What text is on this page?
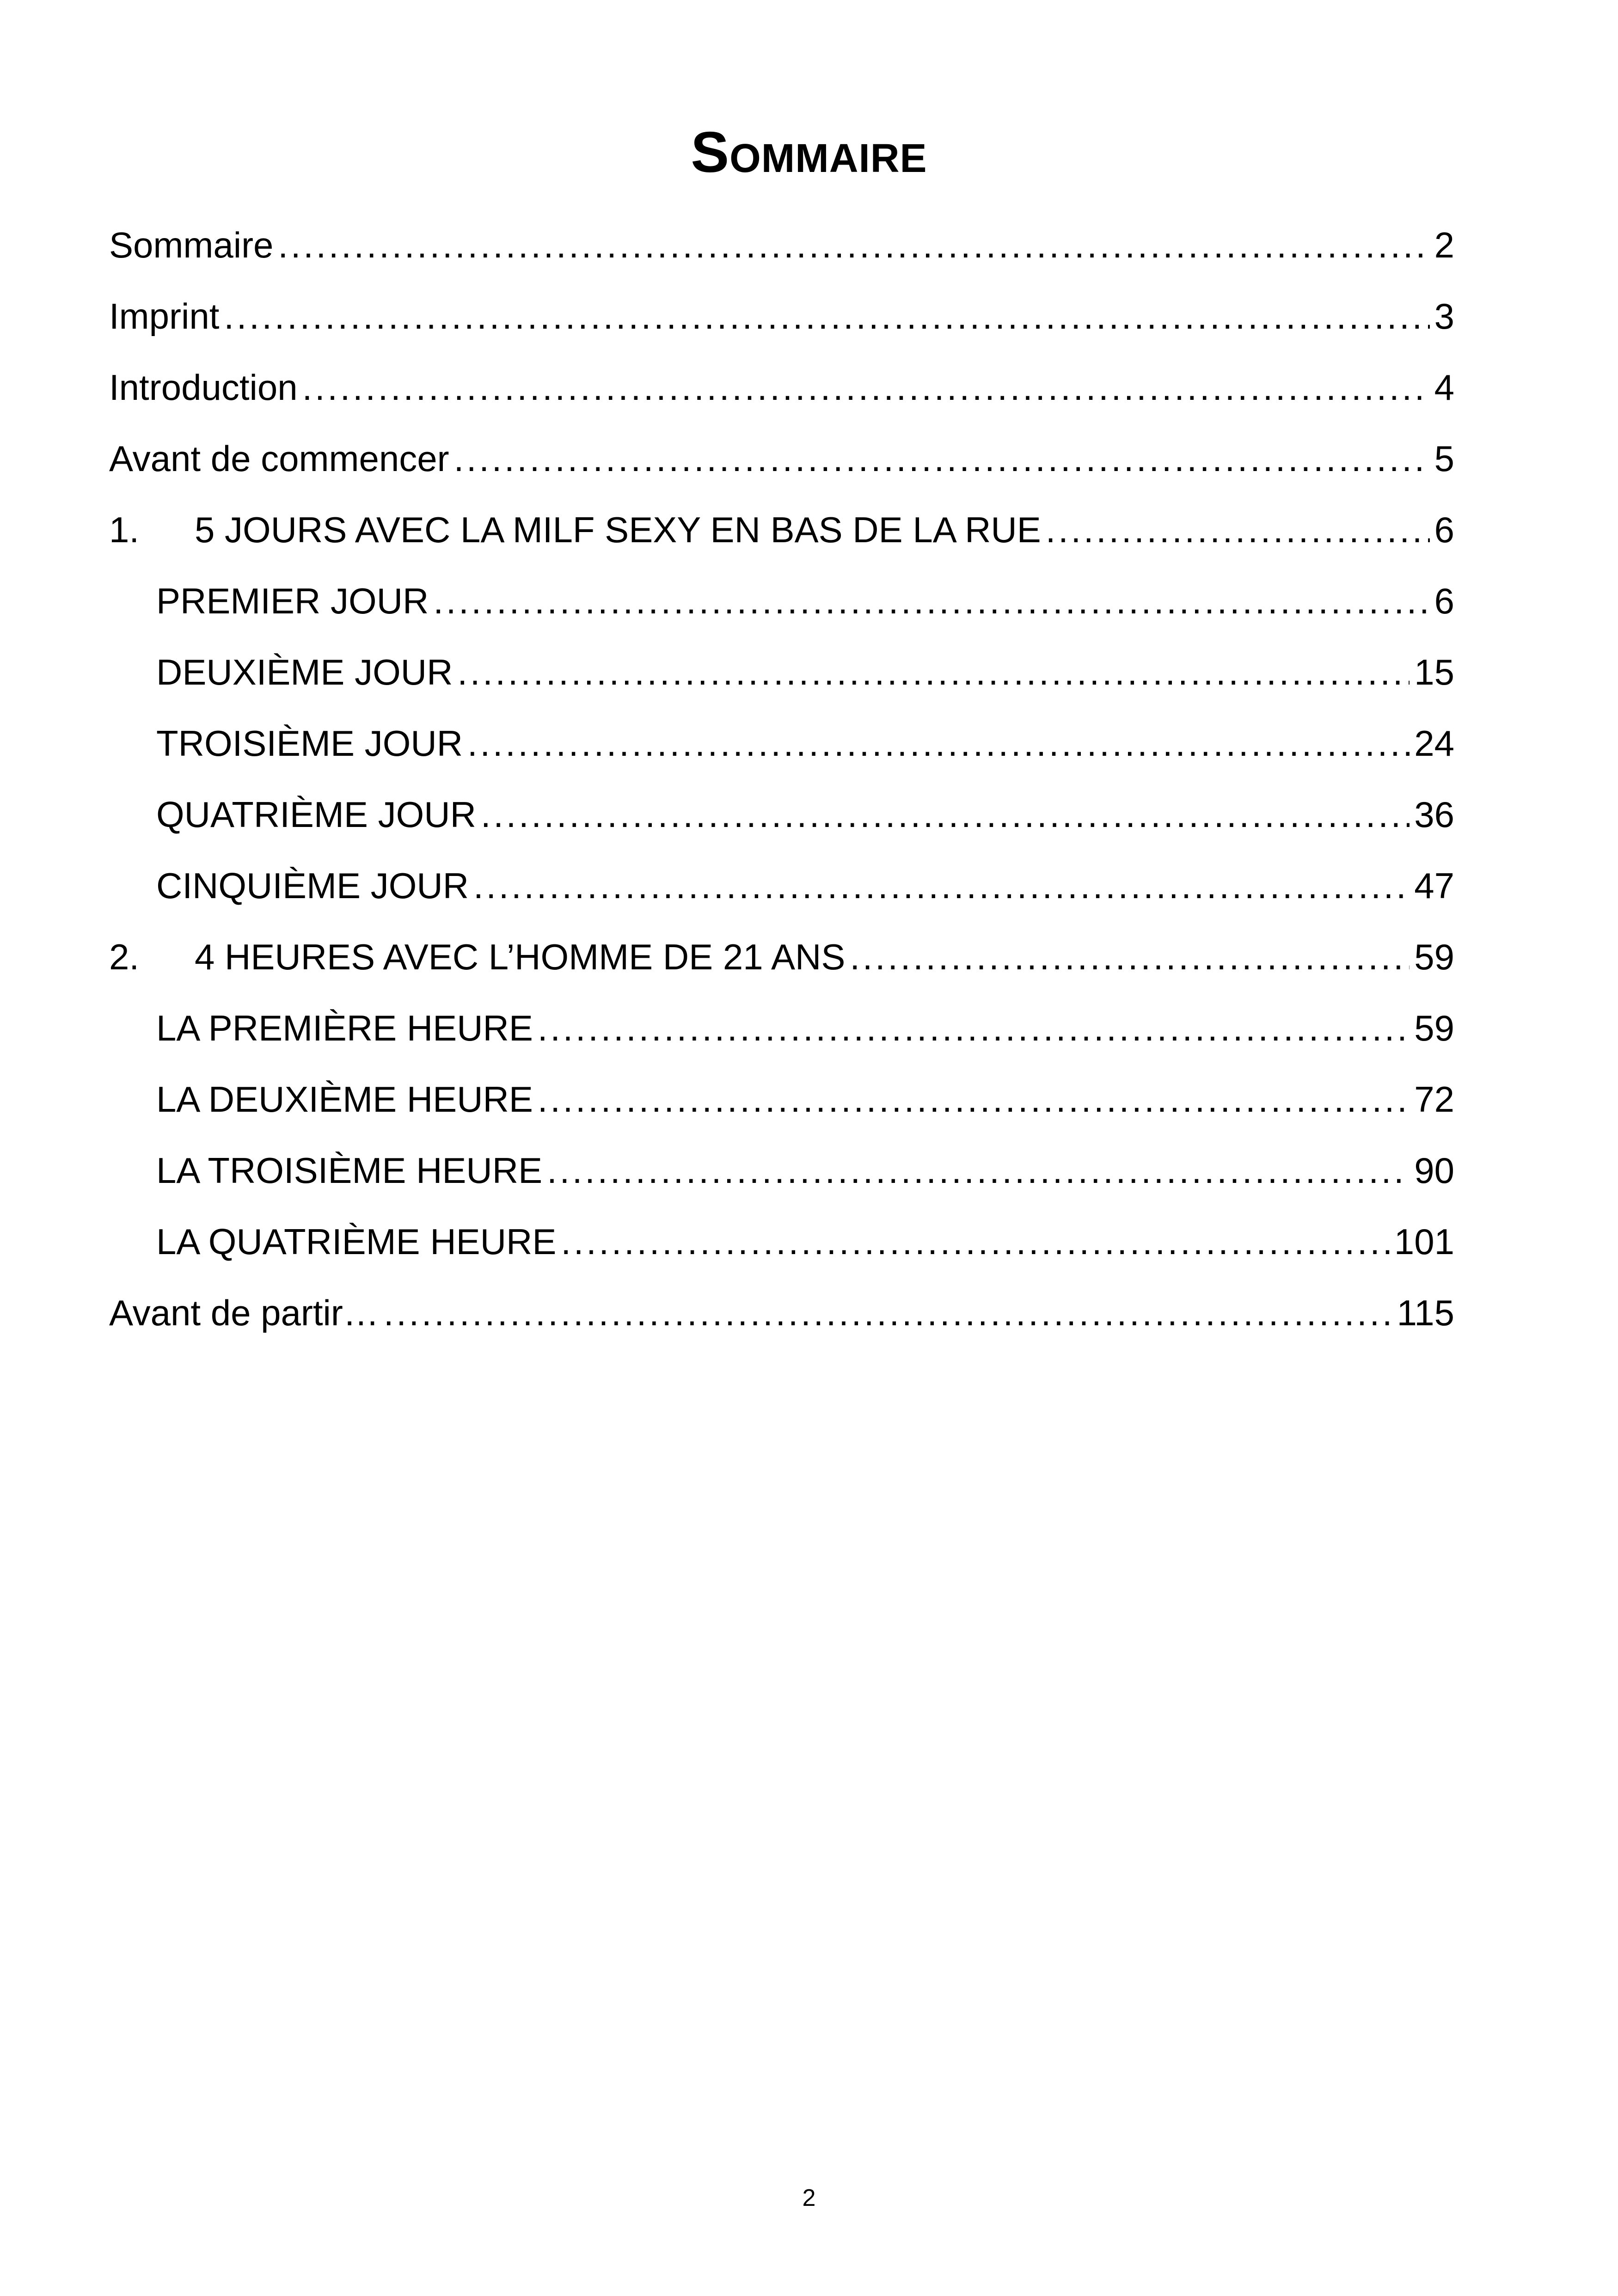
Sommaire
Sommaire . . .	2
Imprint . . .	3
Introduction . . .	4
Avant de commencer . . .	5
1.	5 JOURS AVEC LA MILF SEXY EN BAS DE LA RUE . . .	6
PREMIER JOUR . . .	6
DEUXIÈME JOUR . . .	15
TROISIÈME JOUR . . .	24
QUATRIÈME JOUR . . .	36
CINQUIÈME JOUR . . .	47
2.	4 HEURES AVEC L’HOMME DE 21 ANS . . .	59
LA PREMIÈRE HEURE . . .	59
LA DEUXIÈME HEURE . . .	72
LA TROISIÈME HEURE . . .	90
LA QUATRIÈME HEURE . . .	101
Avant de partir… . . .	115
2
